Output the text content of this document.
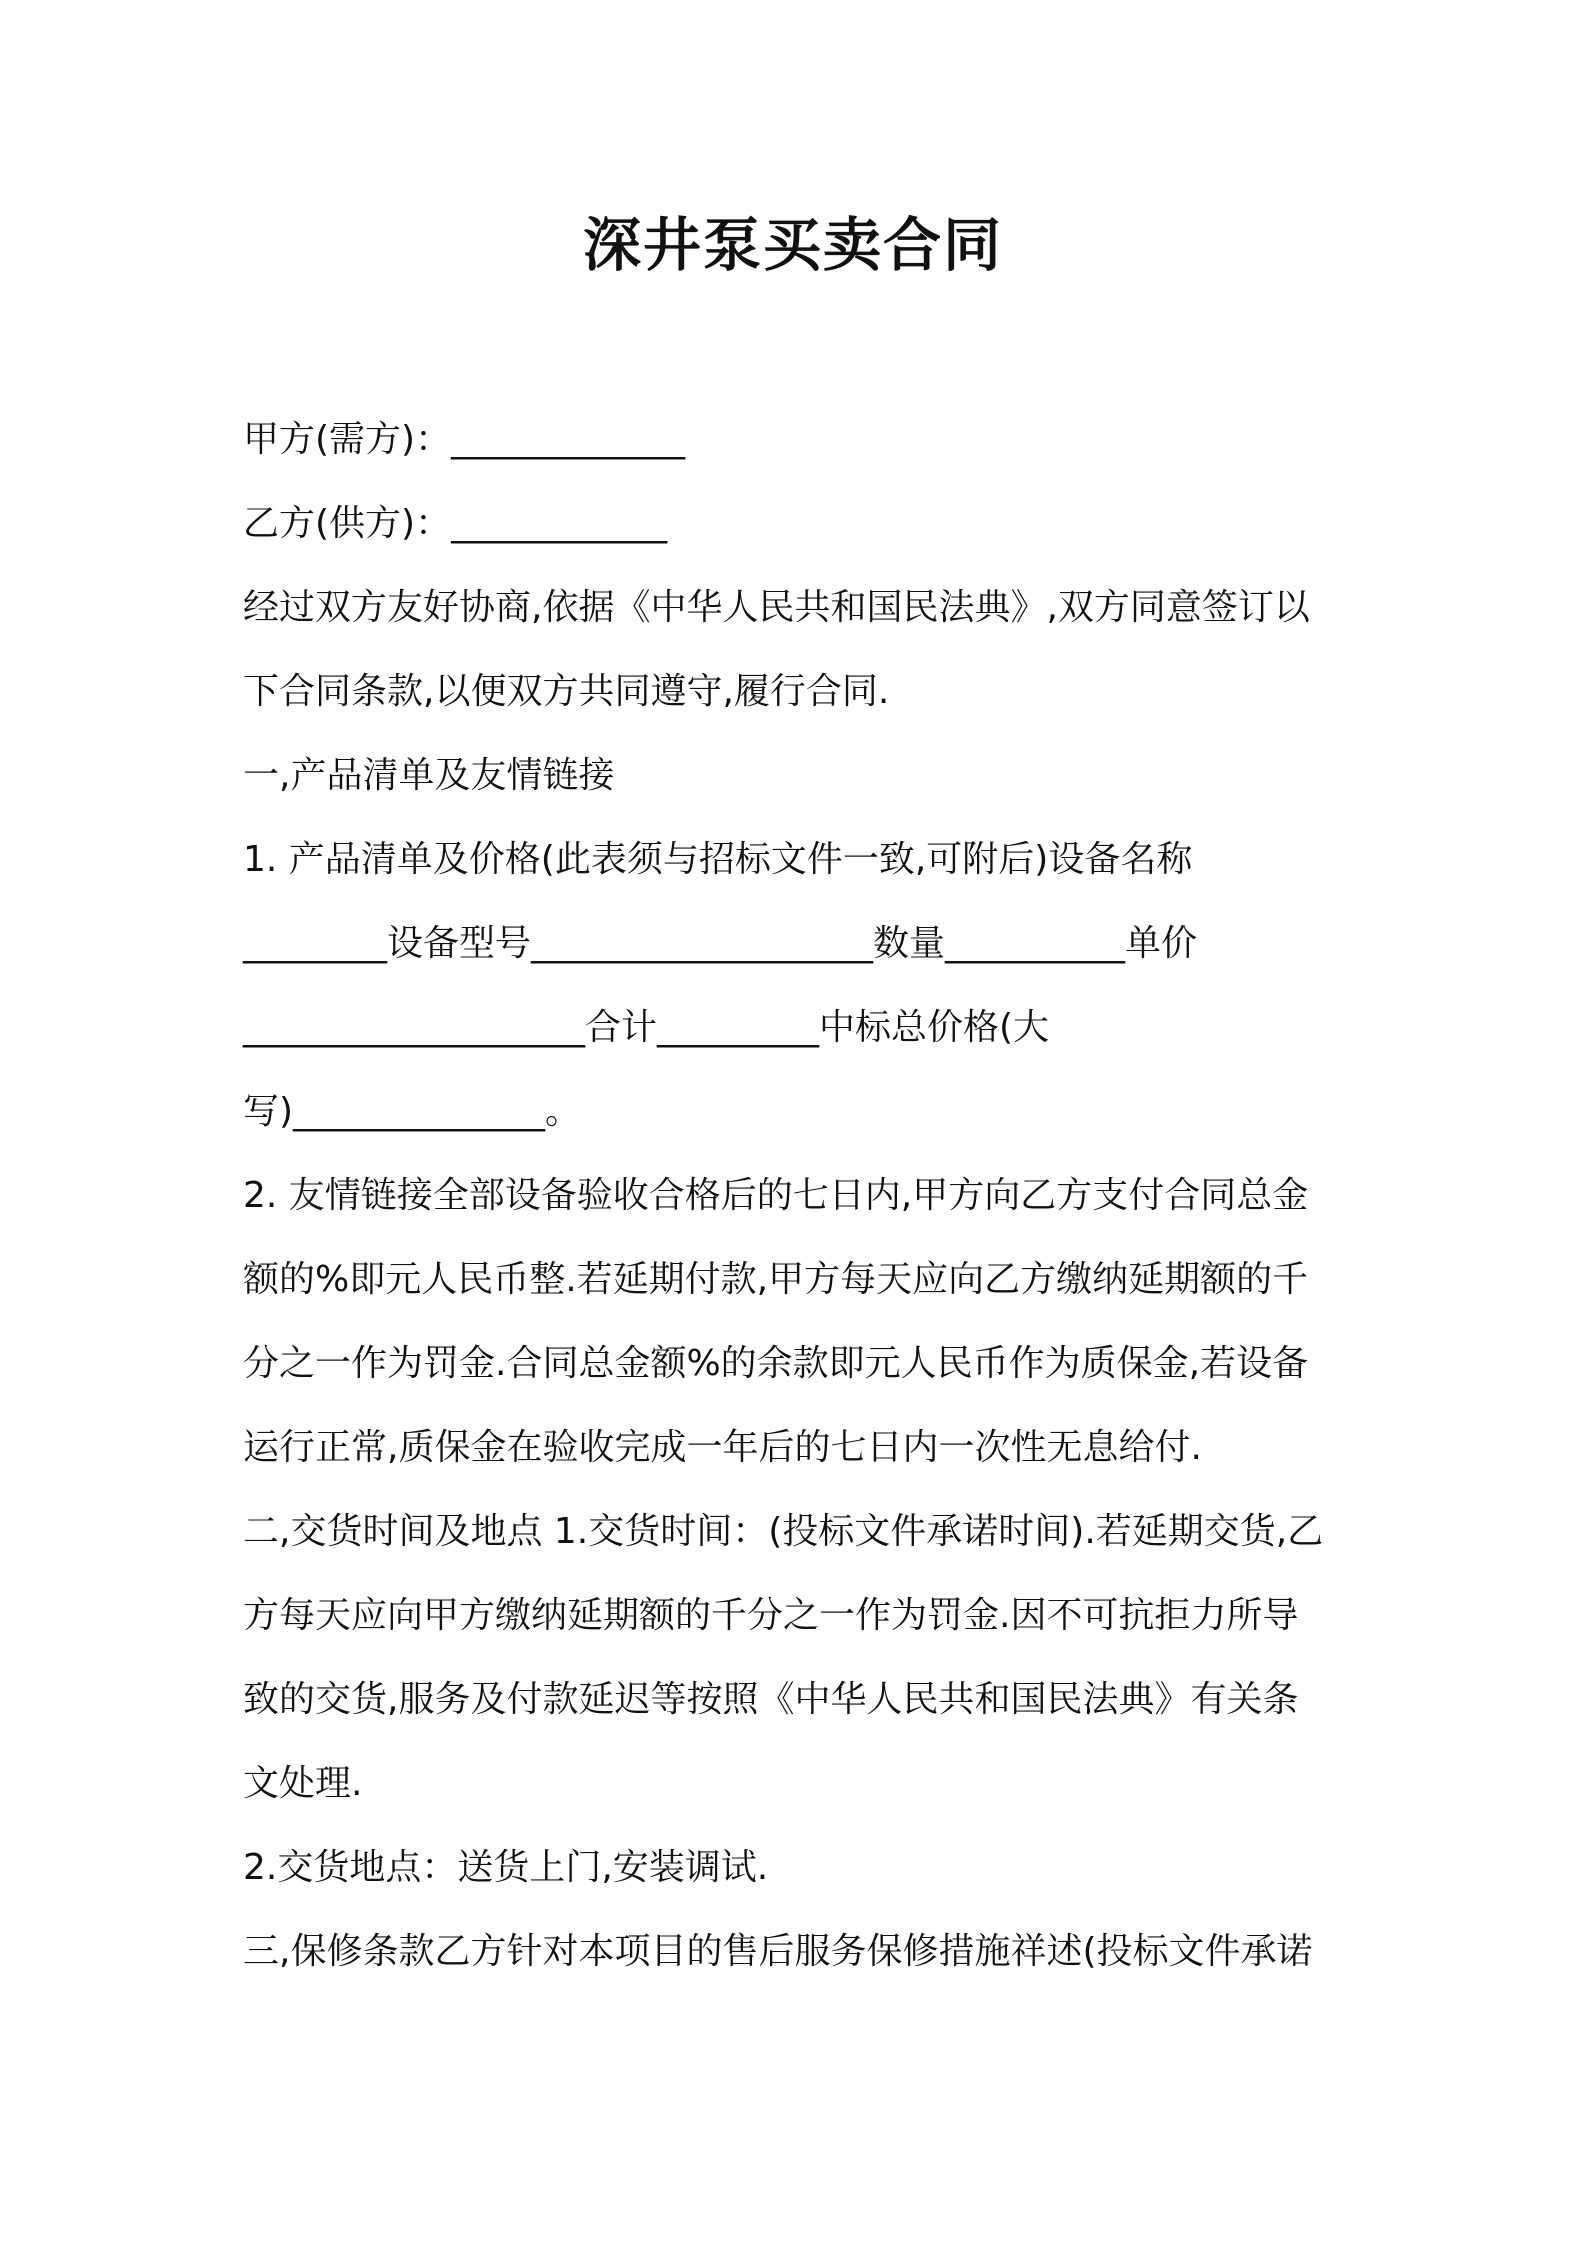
深井泵买卖合同
甲方(需方)：_____________
乙方(供方)：____________
经过双方友好协商,依据《中华人民共和国民法典》,双方同意签订以
下合同条款,以便双方共同遵守,履行合同.
一,产品清单及友情链接
1. 产品清单及价格(此表须与招标文件一致,可附后)设备名称
________设备型号___________________数量__________单价
___________________合计_________中标总价格(大
写)______________。
2. 友情链接全部设备验收合格后的七日内,甲方向乙方支付合同总金
额的%即元人民币整.若延期付款,甲方每天应向乙方缴纳延期额的千
分之一作为罚金.合同总金额%的余款即元人民币作为质保金,若设备
运行正常,质保金在验收完成一年后的七日内一次性无息给付.
二,交货时间及地点 1.交货时间：(投标文件承诺时间).若延期交货,乙
方每天应向甲方缴纳延期额的千分之一作为罚金.因不可抗拒力所导
致的交货,服务及付款延迟等按照《中华人民共和国民法典》有关条
文处理.
2.交货地点：送货上门,安装调试.
三,保修条款乙方针对本项目的售后服务保修措施祥述(投标文件承诺
